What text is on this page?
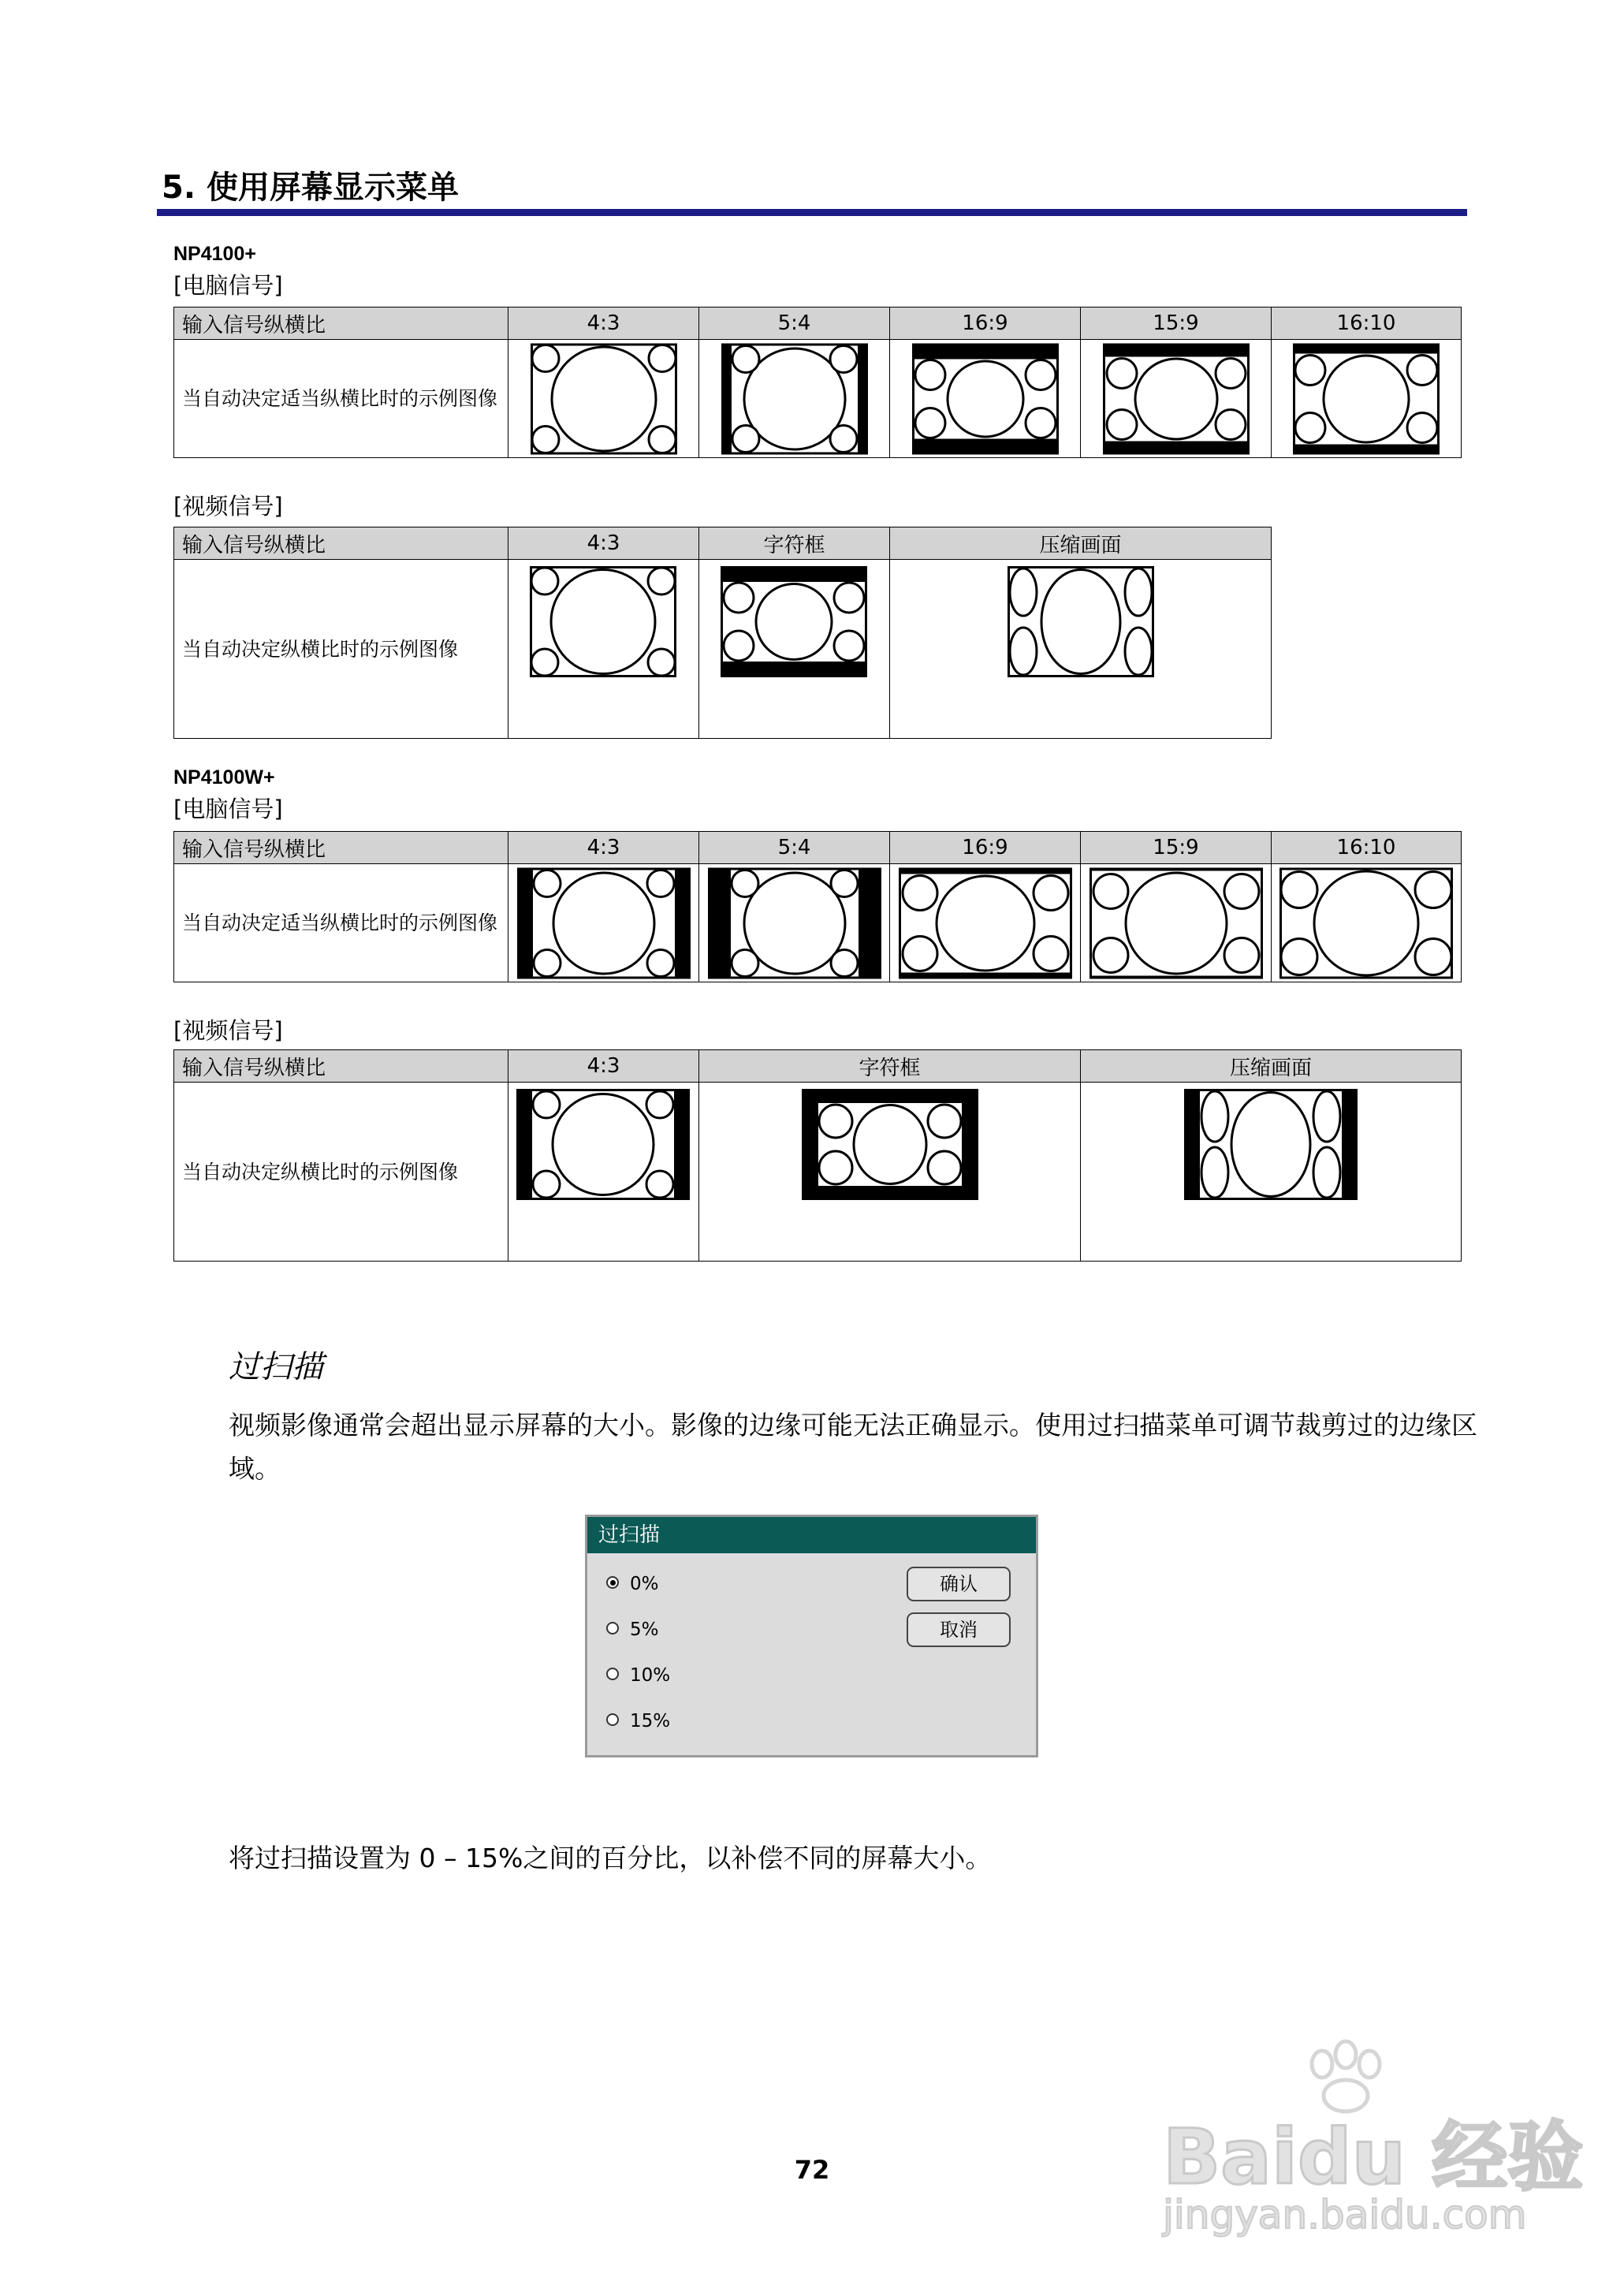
5. 使用屏幕显示菜单
NP4100+
[电脑信号]
输入信号纵横比	4:3	5:4	16:9	15:9	16:10
当自动决定适当纵横比时的示例图像	

[视频信号]
输入信号纵横比	4:3	字符框	压缩画面
当自动决定纵横比时的示例图像	

NP4100W+
[电脑信号]
输入信号纵横比	4:3	5:4	16:9	15:9	16:10
当自动决定适当纵横比时的示例图像	

[视频信号]
输入信号纵横比	4:3	字符框	压缩画面
当自动决定纵横比时的示例图像	

过扫描
视频影像通常会超出显示屏幕的大小。影像的边缘可能无法正确显示。使用过扫描菜单可调节裁剪过的边缘区域。
过扫描
0%
5%
10%
15%
确认
取消
将过扫描设置为 0 – 15%之间的百分比，以补偿不同的屏幕大小。
72	Baidu 经验
jingyan.baidu.com
